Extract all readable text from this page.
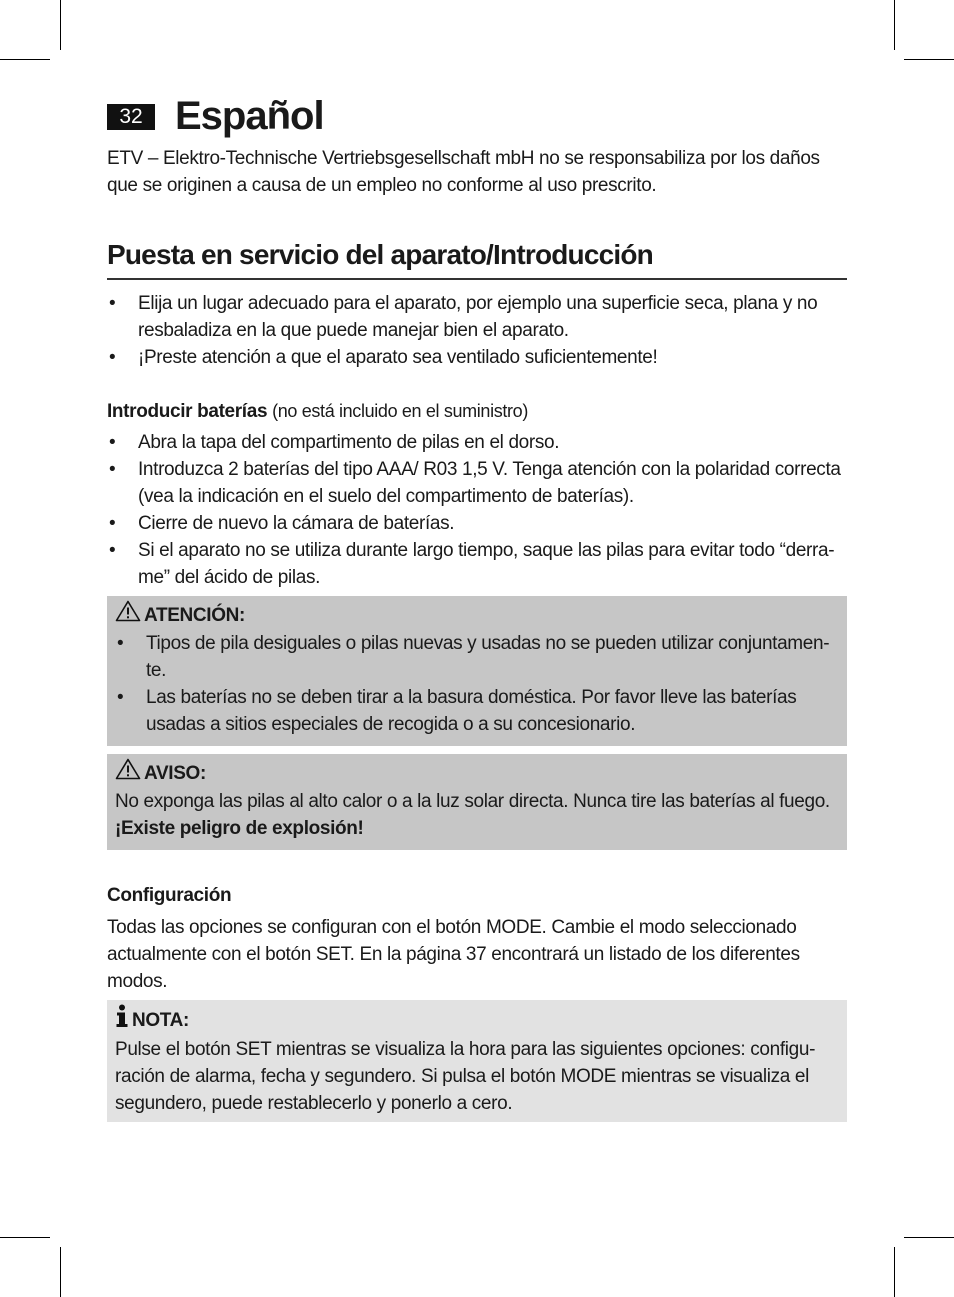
32 Español
ETV – Elektro-Technische Vertriebsgesellschaft mbH no se responsabiliza por los daños que se originen a causa de un empleo no conforme al uso prescrito.
Puesta en servicio del aparato/Introducción
• Elija un lugar adecuado para el aparato, por ejemplo una superficie seca, plana y no resbaladiza en la que puede manejar bien el aparato.
• ¡Preste atención a que el aparato sea ventilado suficientemente!
Introducir baterías (no está incluido en el suministro)
• Abra la tapa del compartimento de pilas en el dorso.
• Introduzca 2 baterías del tipo AAA/ R03 1,5 V. Tenga atención con la polaridad correcta (vea la indicación en el suelo del compartimento de baterías).
• Cierre de nuevo la cámara de baterías.
• Si el aparato no se utiliza durante largo tiempo, saque las pilas para evitar todo “derra-me” del ácido de pilas.
ATENCIÓN:
• Tipos de pila desiguales o pilas nuevas y usadas no se pueden utilizar conjuntamen-te.
• Las baterías no se deben tirar a la basura doméstica. Por favor lleve las baterías usadas a sitios especiales de recogida o a su concesionario.
AVISO:
No exponga las pilas al alto calor o a la luz solar directa. Nunca tire las baterías al fuego.
¡Existe peligro de explosión!
Configuración
Todas las opciones se configuran con el botón MODE. Cambie el modo seleccionado actualmente con el botón SET. En la página 37 encontrará un listado de los diferentes modos.
NOTA:
Pulse el botón SET mientras se visualiza la hora para las siguientes opciones: configu-ración de alarma, fecha y segundero. Si pulsa el botón MODE mientras se visualiza el segundero, puede restablecerlo y ponerlo a cero.
